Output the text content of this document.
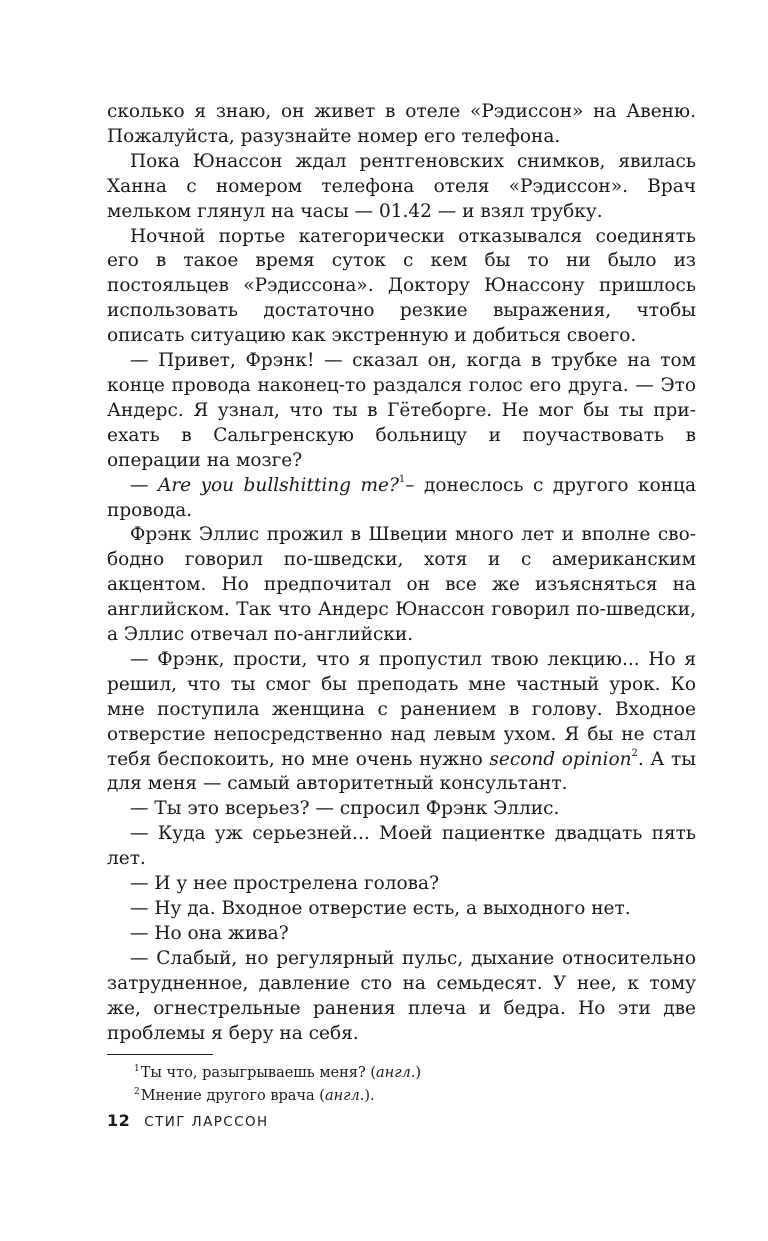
сколько я знаю, он живет в отеле «Рэдиссон» на Авеню. Пожалуйста, разузнайте номер его телефона.

Пока Юнассон ждал рентгеновских снимков, явилась Ханна с номером телефона отеля «Рэдиссон». Врач мельком глянул на часы — 01.42 — и взял трубку.

Ночной портье категорически отказывался соединять его в такое время суток с кем бы то ни было из постояльцев «Рэдиссона». Доктору Юнассону пришлось использовать достаточно резкие выражения, чтобы описать ситуацию как экстренную и добиться своего.

— Привет, Фрэнк! — сказал он, когда в трубке на том конце провода наконец-то раздался голос его друга. — Это Андерс. Я узнал, что ты в Гётеборге. Не мог бы ты приехать в Сальгренскую больницу и поучаствовать в операции на мозге?

— Are you bullshitting me?$^1$– донеслось с другого конца провода.

Фрэнк Эллис прожил в Швеции много лет и вполне свободно говорил по-шведски, хотя и с американским акцентом. Но предпочитал он все же изъясняться на английском. Так что Андерс Юнассон говорил по-шведски, а Эллис отвечал по-английски.

— Фрэнк, прости, что я пропустил твою лекцию... Но я решил, что ты смог бы преподать мне частный урок. Ко мне поступила женщина с ранением в голову. Входное отверстие непосредственно над левым ухом. Я бы не стал тебя беспокоить, но мне очень нужно second opinion$^2$. А ты для меня — самый авторитетный консультант.

— Ты это всерьез? — спросил Фрэнк Эллис.

— Куда уж серьезней... Моей пациентке двадцать пять лет.

— И у нее прострелена голова?

— Ну да. Входное отверстие есть, а выходного нет.

— Но она жива?

— Слабый, но регулярный пульс, дыхание относительно затрудненное, давление сто на семьдесят. У нее, к тому же, огнестрельные ранения плеча и бедра. Но эти две проблемы я беру на себя.

$^1$Ты что, разыгрываешь меня? (англ.)

$^2$Мнение другого врача (англ.).

12 СТИГ ЛАРССОН
